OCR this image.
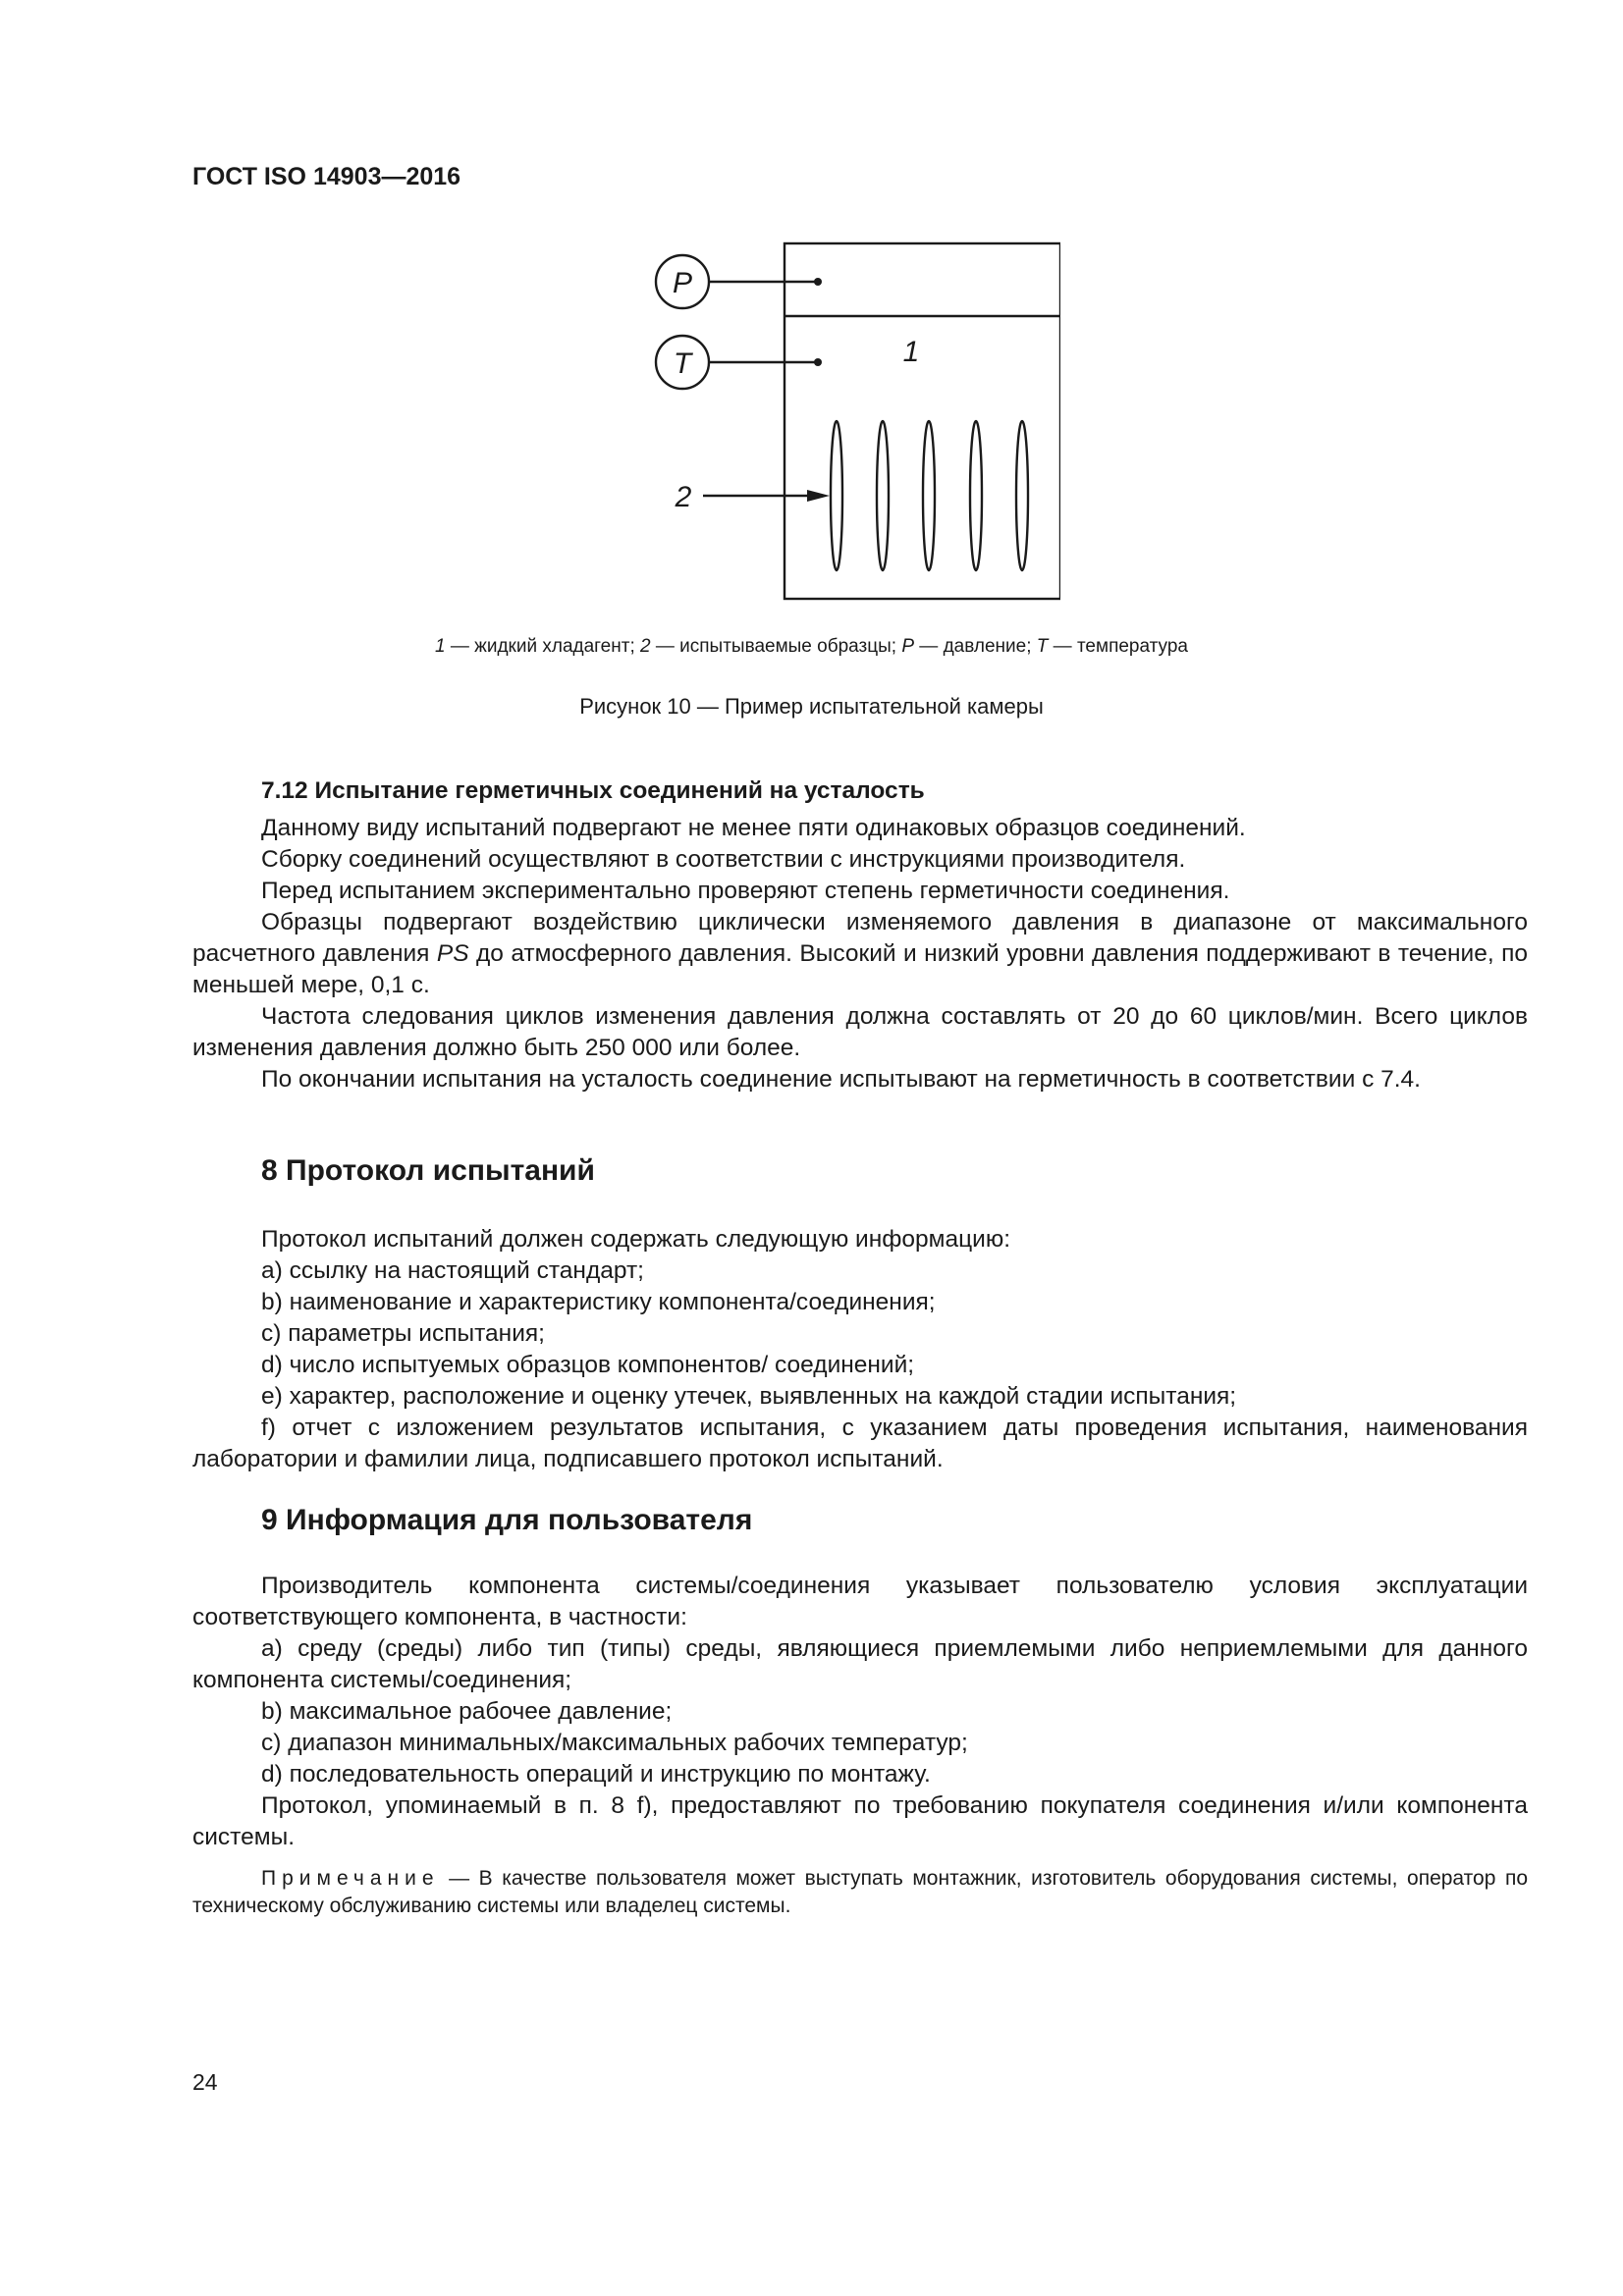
ГОСТ ISO 14903—2016
P
T	1
2
1 — жидкий хладагент; 2 — испытываемые образцы; P — давление; T — температура
Рисунок 10 — Пример испытательной камеры
7.12 Испытание герметичных соединений на усталость

Данному виду испытаний подвергают не менее пяти одинаковых образцов соединений.

Сборку соединений осуществляют в соответствии с инструкциями производителя.

Перед испытанием экспериментально проверяют степень герметичности соединения.

Образцы подвергают воздействию циклически изменяемого давления в диапазоне от максимального расчетного давления PS до атмосферного давления. Высокий и низкий уровни давления поддерживают в течение, по меньшей мере, 0,1 с.

Частота следования циклов изменения давления должна составлять от 20 до 60 циклов/мин. Всего циклов изменения давления должно быть 250 000 или более.

По окончании испытания на усталость соединение испытывают на герметичность в соответствии с 7.4.

8 Протокол испытаний

Протокол испытаний должен содержать следующую информацию:

a) ссылку на настоящий стандарт;

b) наименование и характеристику компонента/соединения;

c) параметры испытания;

d) число испытуемых образцов компонентов/ соединений;

e) характер, расположение и оценку утечек, выявленных на каждой стадии испытания;

f) отчет с изложением результатов испытания, с указанием даты проведения испытания, наименования лаборатории и фамилии лица, подписавшего протокол испытаний.

9 Информация для пользователя

Производитель компонента системы/соединения указывает пользователю условия эксплуатации соответствующего компонента, в частности:

a) среду (среды) либо тип (типы) среды, являющиеся приемлемыми либо неприемлемыми для данного компонента системы/соединения;

b) максимальное рабочее давление;

c) диапазон минимальных/максимальных рабочих температур;

d) последовательность операций и инструкцию по монтажу.

Протокол, упоминаемый в п. 8 f), предоставляют по требованию покупателя соединения и/или компонента системы.

Примечание — В качестве пользователя может выступать монтажник, изготовитель оборудования системы, оператор по техническому обслуживанию системы или владелец системы.

24
